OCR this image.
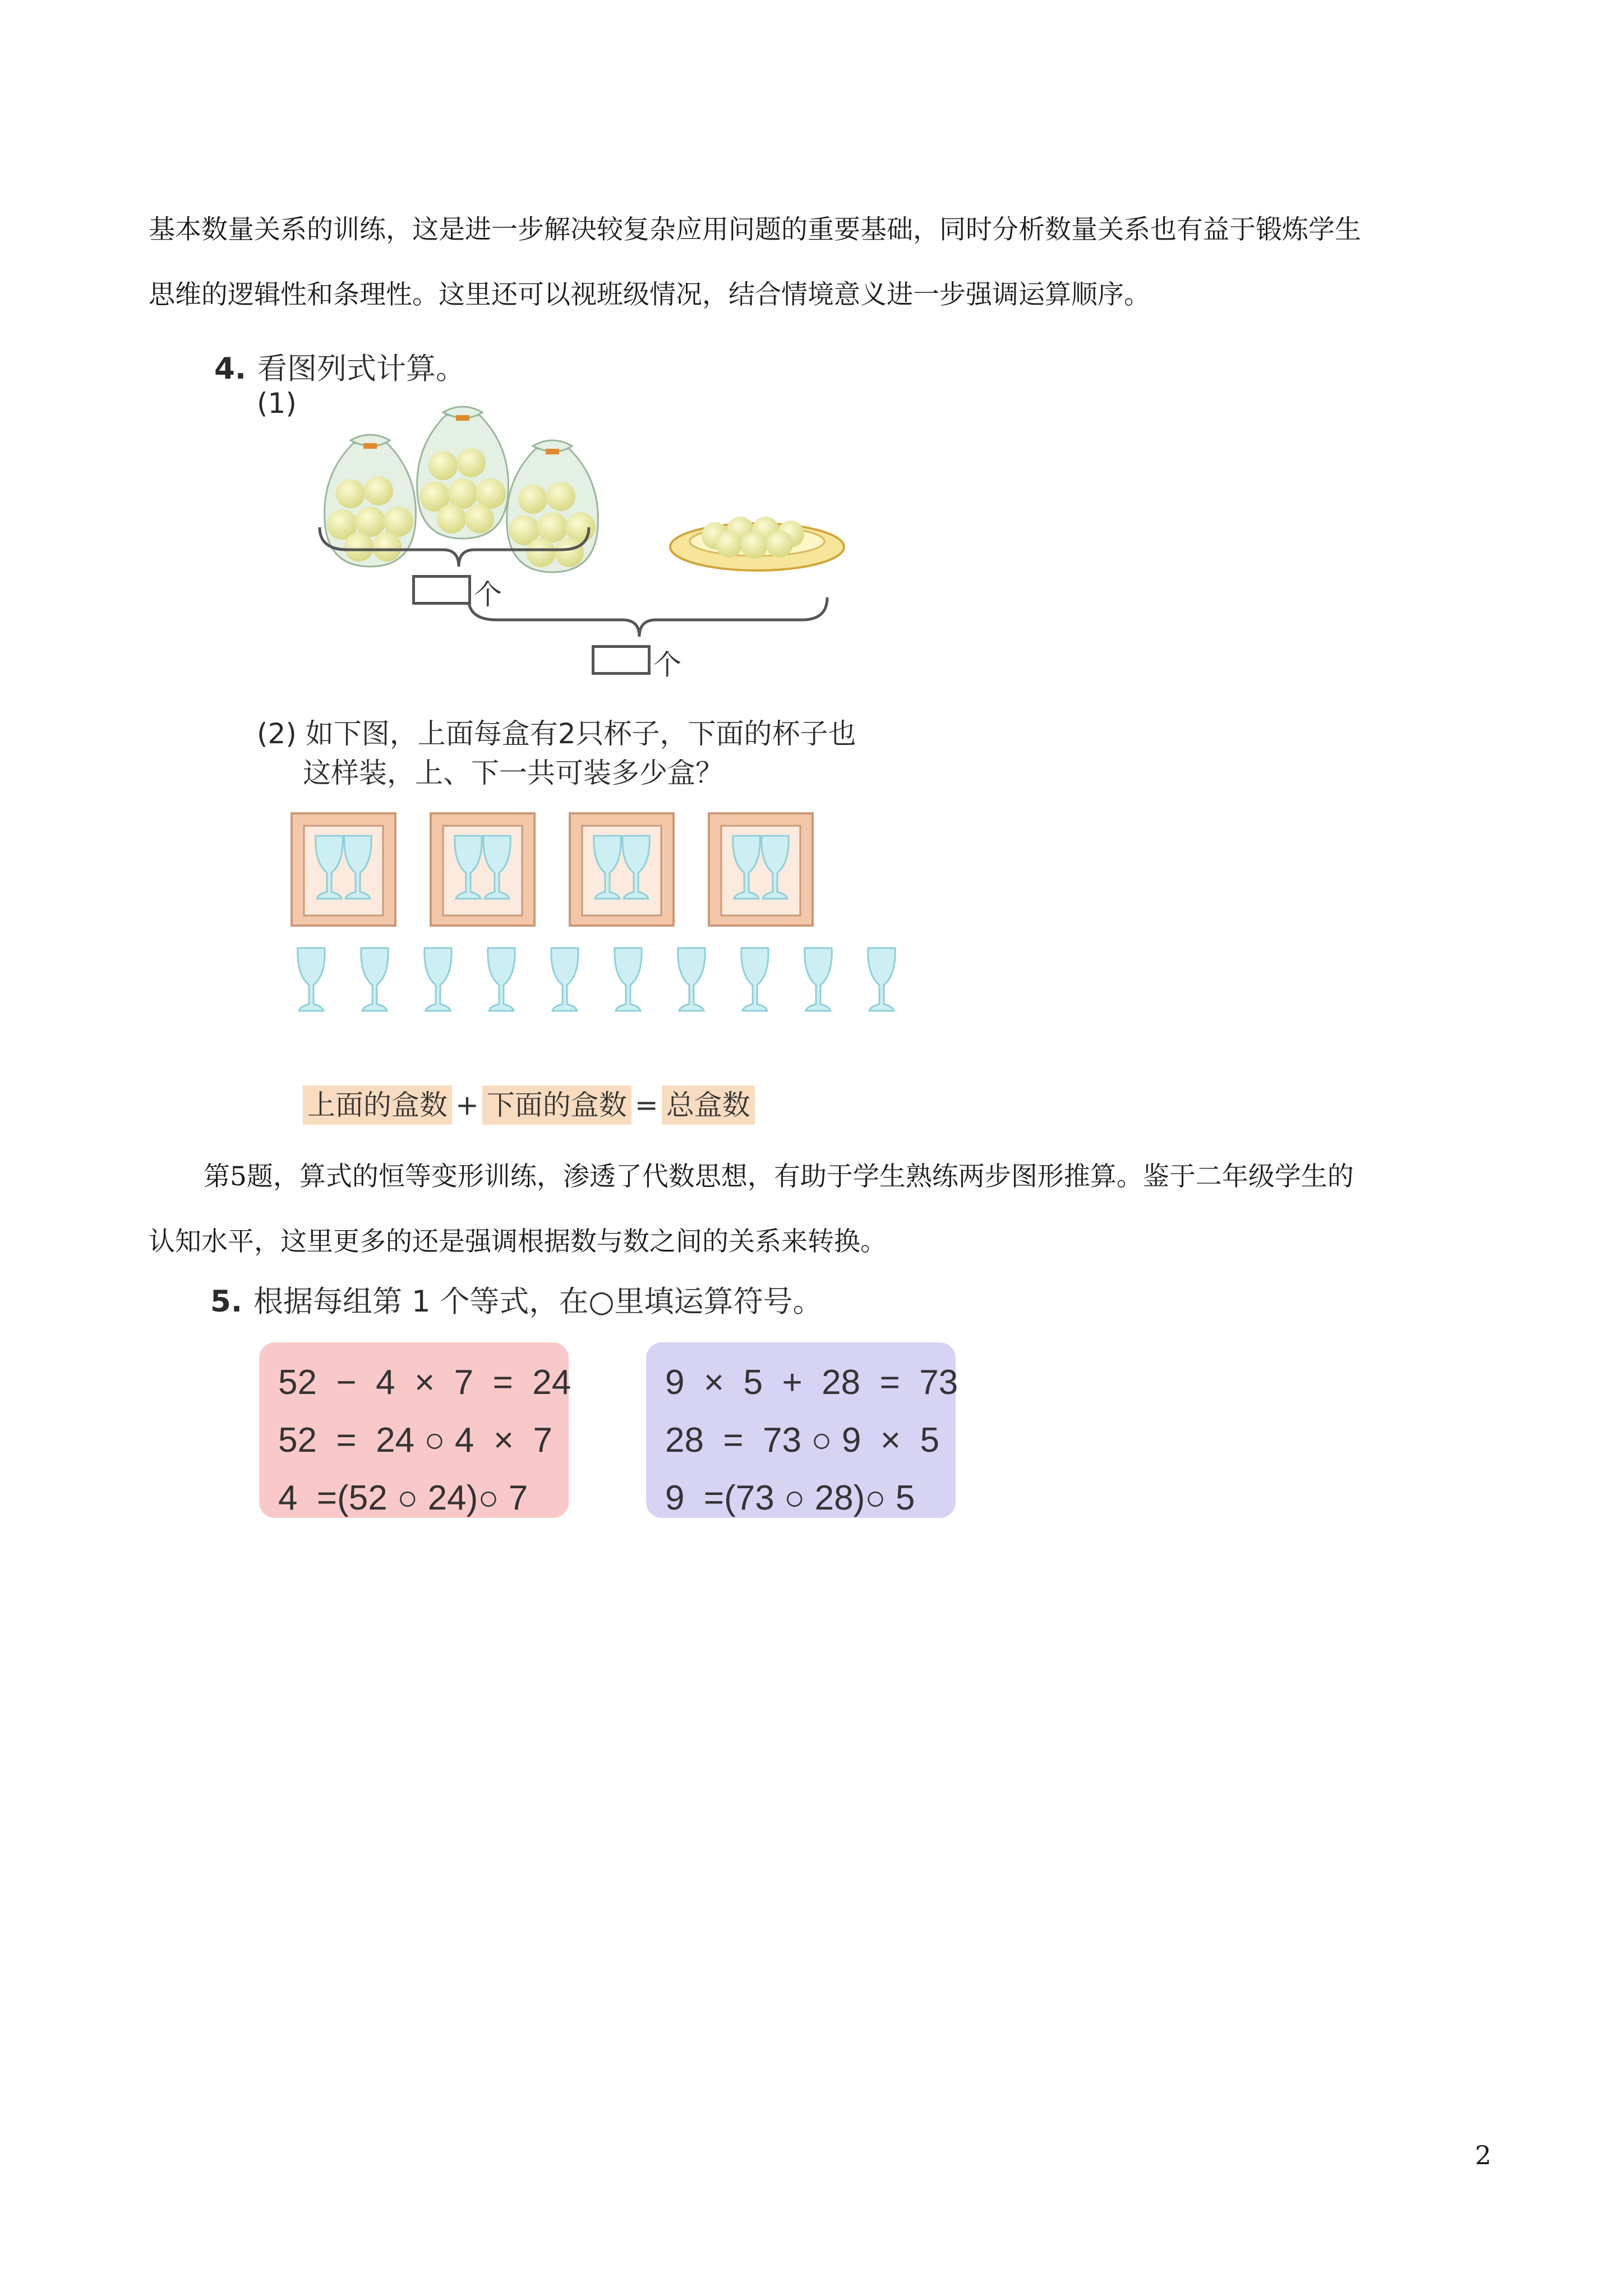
基本数量关系的训练，这是进一步解决较复杂应用问题的重要基础，同时分析数量关系也有益于锻炼学生

思维的逻辑性和条理性。这里还可以视班级情况，结合情境意义进一步强调运算顺序。

4. 看图列式计算。
(1)
个
个
(2) 如下图，上面每盒有2只杯子，下面的杯子也
这样装，上、下一共可装多少盒？
上面的盒数 + 下面的盒数 = 总盒数

第5题，算式的恒等变形训练，渗透了代数思想，有助于学生熟练两步图形推算。鉴于二年级学生的

认知水平，这里更多的还是强调根据数与数之间的关系来转换。

5. 根据每组第 1 个等式，在○里填运算符号。
52  −  4  ×  7  =  24
52  =  24 ○ 4  ×  7
4  =(52 ○ 24)○ 7
9  ×  5  +  28  =  73
28  =  73 ○ 9  ×  5
9  =(73 ○ 28)○ 5
2
